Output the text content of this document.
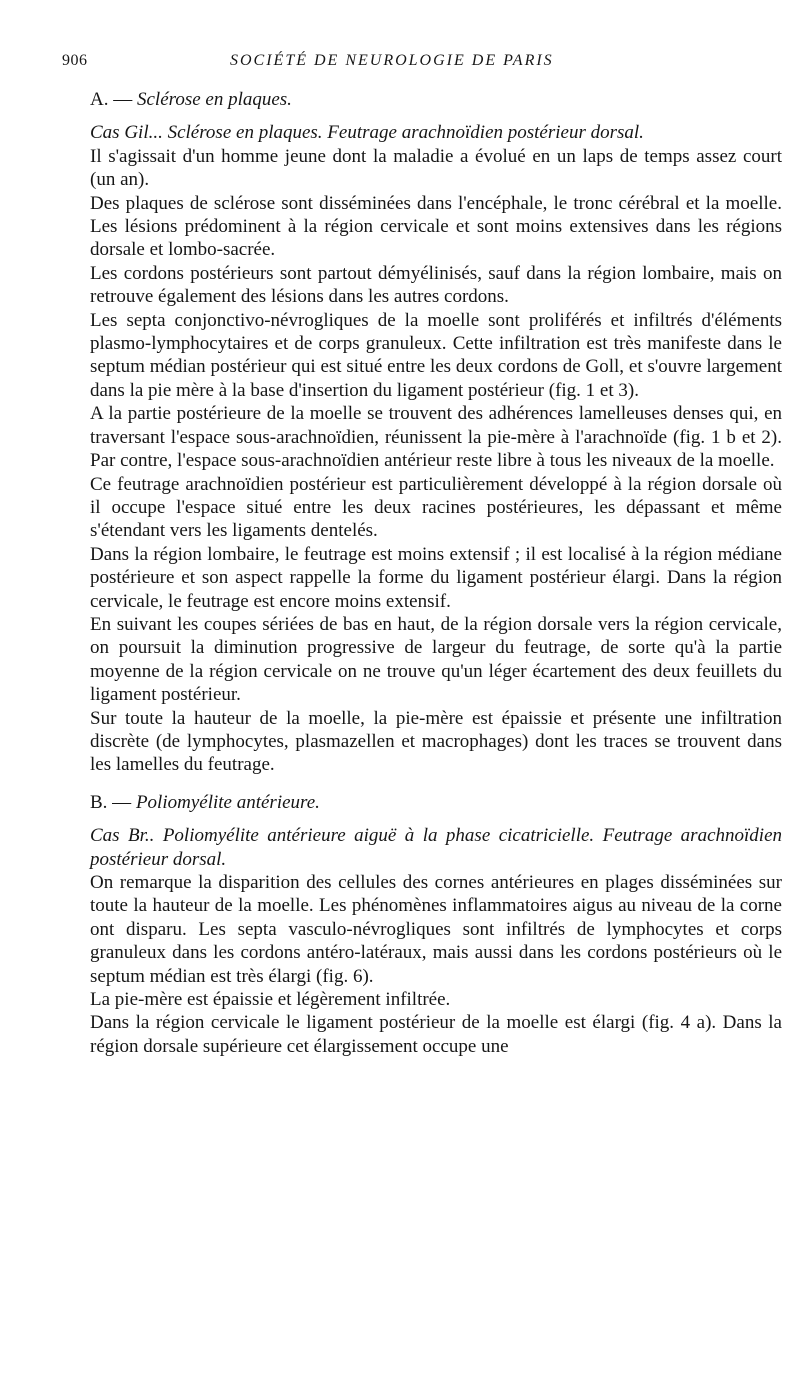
906	SOCIÉTÉ DE NEUROLOGIE DE PARIS

A. — Sclérose en plaques.

Cas Gil... Sclérose en plaques. Feutrage arachnoïdien postérieur dorsal.

Il s'agissait d'un homme jeune dont la maladie a évolué en un laps de temps assez court (un an).

Des plaques de sclérose sont disséminées dans l'encéphale, le tronc cérébral et la moelle. Les lésions prédominent à la région cervicale et sont moins extensives dans les régions dorsale et lombo-sacrée.

Les cordons postérieurs sont partout démyélinisés, sauf dans la région lombaire, mais on retrouve également des lésions dans les autres cordons.

Les septa conjonctivo-névrogliques de la moelle sont proliférés et infiltrés d'éléments plasmo-lymphocytaires et de corps granuleux. Cette infiltration est très manifeste dans le septum médian postérieur qui est situé entre les deux cordons de Goll, et s'ouvre largement dans la pie mère à la base d'insertion du ligament postérieur (fig. 1 et 3).

A la partie postérieure de la moelle se trouvent des adhérences lamelleuses denses qui, en traversant l'espace sous-arachnoïdien, réunissent la pie-mère à l'arachnoïde (fig. 1 b et 2). Par contre, l'espace sous-arachnoïdien antérieur reste libre à tous les niveaux de la moelle.

Ce feutrage arachnoïdien postérieur est particulièrement développé à la région dorsale où il occupe l'espace situé entre les deux racines postérieures, les dépassant et même s'étendant vers les ligaments dentelés.

Dans la région lombaire, le feutrage est moins extensif ; il est localisé à la région médiane postérieure et son aspect rappelle la forme du ligament postérieur élargi. Dans la région cervicale, le feutrage est encore moins extensif.

En suivant les coupes sériées de bas en haut, de la région dorsale vers la région cervicale, on poursuit la diminution progressive de largeur du feutrage, de sorte qu'à la partie moyenne de la région cervicale on ne trouve qu'un léger écartement des deux feuillets du ligament postérieur.

Sur toute la hauteur de la moelle, la pie-mère est épaissie et présente une infiltration discrète (de lymphocytes, plasmazellen et macrophages) dont les traces se trouvent dans les lamelles du feutrage.

B. — Poliomyélite antérieure.

Cas Br.. Poliomyélite antérieure aiguë à la phase cicatricielle. Feutrage arachnoïdien postérieur dorsal.

On remarque la disparition des cellules des cornes antérieures en plages disséminées sur toute la hauteur de la moelle. Les phénomènes inflammatoires aigus au niveau de la corne ont disparu. Les septa vasculo-névrogliques sont infiltrés de lymphocytes et corps granuleux dans les cordons antéro-latéraux, mais aussi dans les cordons postérieurs où le septum médian est très élargi (fig. 6).

La pie-mère est épaissie et légèrement infiltrée.

Dans la région cervicale le ligament postérieur de la moelle est élargi (fig. 4 a). Dans la région dorsale supérieure cet élargissement occupe une
